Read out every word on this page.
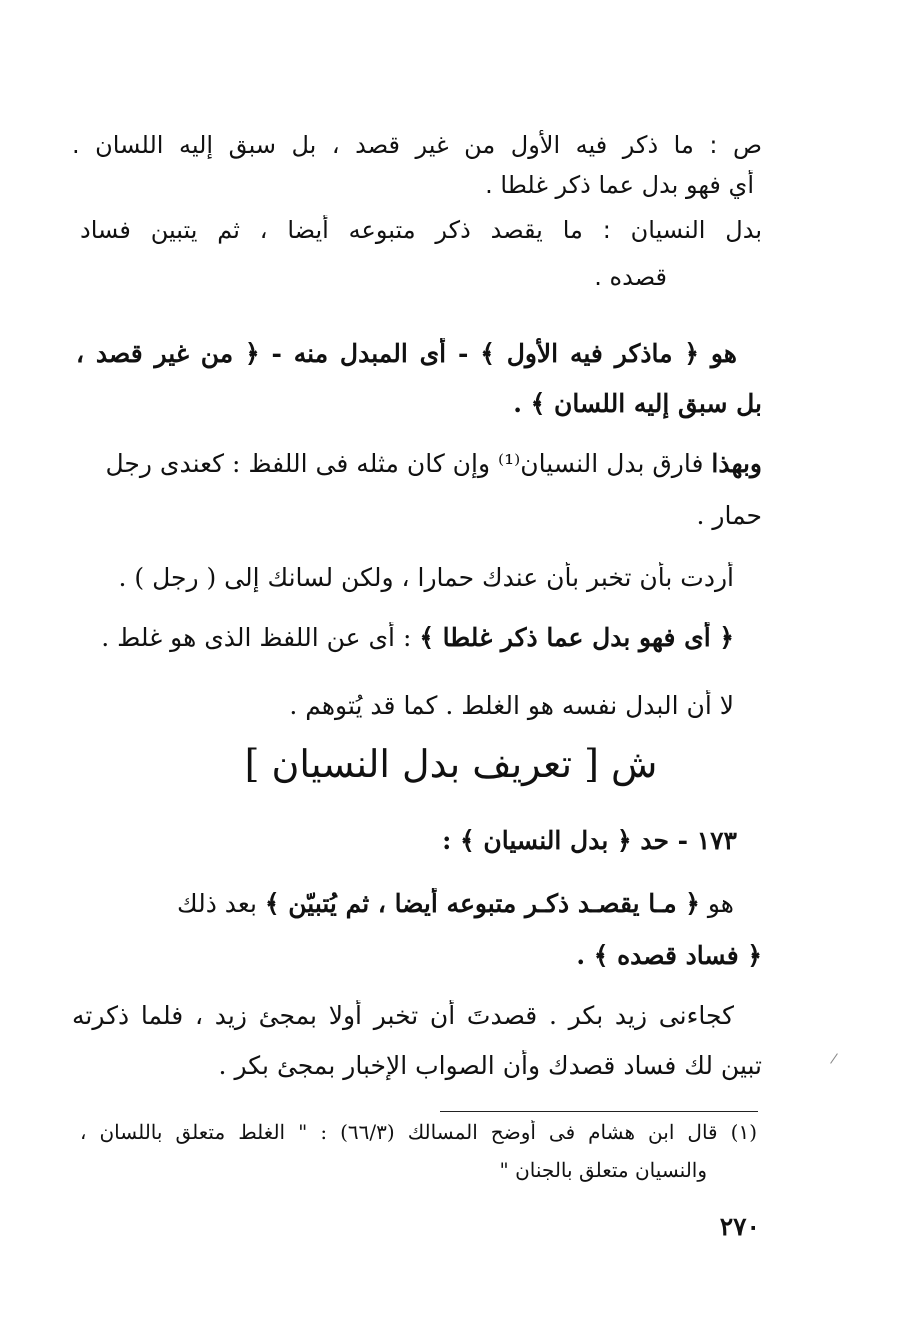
ص : ما ذكر فيه الأول من غير قصد ، بل سبق إليه اللسان .
أي فهو بدل عما ذكر غلطا .
بدل النسيان : ما يقصد ذكر متبوعه أيضا ، ثم يتبين فساد
قصده .
هو ﴿ ماذكر فيه الأول ﴾ - أى المبدل منه - ﴿ من غير قصد ،
بل سبق إليه اللسان ﴾ .
وبهذا فارق بدل النسيان⁽¹⁾ وإن كان مثله فى اللفظ : كعندى رجل
حمار .
أردت بأن تخبر بأن عندك حمارا ، ولكن لسانك إلى ( رجل ) .
﴿ أى فهو بدل عما ذكر غلطا ﴾ : أى عن اللفظ الذى هو غلط .
لا أن البدل نفسه هو الغلط . كما قد يُتوهم .
ش [ تعريف بدل النسيان ]
١٧٣ - حد ﴿ بدل النسيان ﴾ :
هو ﴿ مـا يقصـد ذكـر متبوعه أيضا ، ثم يُتبيّن ﴾ بعد ذلك
﴿ فساد قصده ﴾ .
كجاءنى زيد بكر . قصدتَ أن تخبر أولا بمجئ زيد ، فلما ذكرته
تبين لك فساد قصدك وأن الصواب الإخبار بمجئ بكر .
(١) قال ابن هشام فى أوضح المسالك (٦٦/٣) : " الغلط متعلق باللسان ،
والنسيان متعلق بالجنان "
٢٧٠
